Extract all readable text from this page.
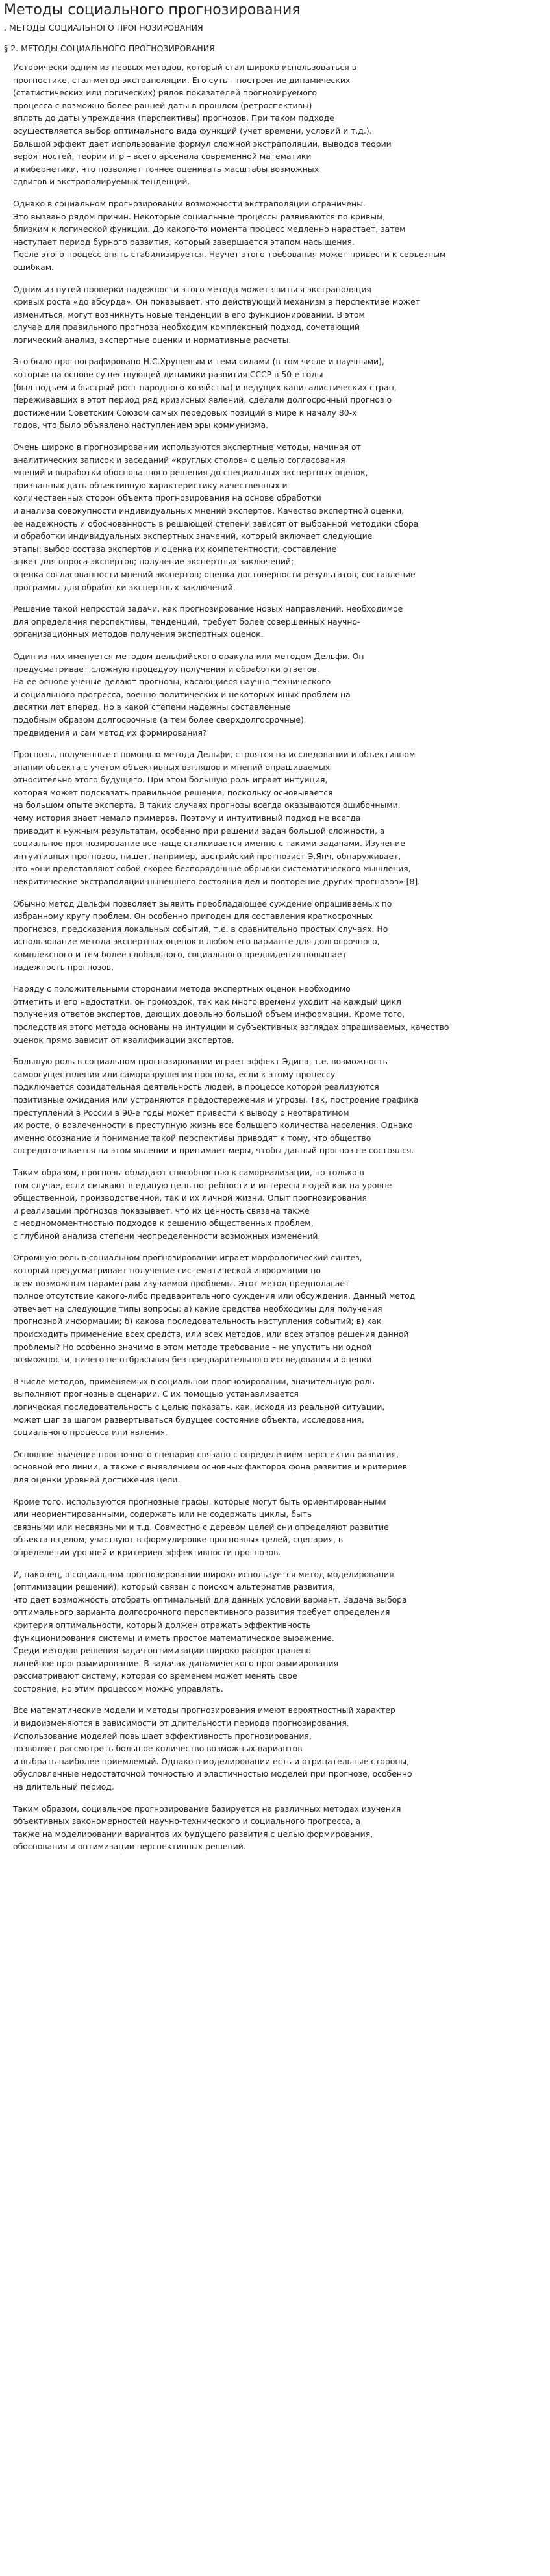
Методы социального прогнозирования
. МЕТОДЫ СОЦИАЛЬНОГО ПРОГНОЗИРОВАНИЯ
§ 2. МЕТОДЫ СОЦИАЛЬНОГО ПРОГНОЗИРОВАНИЯ

Историчеcки одним из первых методов, который стал широко использоваться в
прогностике, стал метод экстраполяции. Его суть – построение динамических
(статистических или логических) рядов показателей прогнозируемого
процесса с возможно более ранней даты в прошлом (ретроспективы)
вплоть до даты упреждения (перспективы) прогнозов. При таком подходе
осуществляется выбор оптимального вида функций (учет времени, условий и т.д.).
Большой эффект дает использование формул сложной экстраполяции, выводов теории
вероятностей, теории игр – всего арсенала современной математики
и кибернетики, что позволяет точнее оценивать масштабы возможных
сдвигов и экстраполируемых тенденций.

Однако в социальном прогнозировании возможности экстраполяции ограничены.
Это вызвано рядом причин. Некоторые социальные процессы развиваются по кривым,
близким к логической функции. До какого-то момента процесс медленно нарастает, затем
наступает период бурного развития, который завершается этапом насыщения.
После этого процесс опять стабилизируется. Неучет этого требования может привести к серьезным
ошибкам.

Одним из путей проверки надежности этого метода может явиться экстраполяция
кривых роста «до абсурда». Он показывает, что действующий механизм в перспективе может
измениться, могут возникнуть новые тенденции в его функционировании. В этом
случае для правильного прогноза необходим комплексный подход, сочетающий
логический анализ, экспертные оценки и нормативные расчеты.

Это было прогнографировано Н.С.Хрущевым и теми силами (в том числе и научными),
которые на основе существующей динамики развития СССР в 50-е годы
(был подъем и быстрый рост народного хозяйства) и ведущих капиталистических стран,
переживавших в этот период ряд кризисных явлений, сделали долгосрочный прогноз о
достижении Советским Союзом самых передовых позиций в мире к началу 80-х
годов, что было объявлено наступлением эры коммунизма.

Очень широко в прогнозировании используются экспертные методы, начиная от
аналитических записок и заседаний «круглых столов» с целью согласования
мнений и выработки обоснованного решения до специальных экспертных оценок,
призванных дать объективную характеристику качественных и
количественных сторон объекта прогнозирования на основе обработки
и анализа совокупности индивидуальных мнений экспертов. Качество экспертной оценки,
ее надежность и обоснованность в решающей степени зависят от выбранной методики сбора
и обработки индивидуальных экспертных значений, который включает следующие
этапы: выбор состава экспертов и оценка их компетентности; составление
анкет для опроса экспертов; получение экспертных заключений;
оценка согласованности мнений экспертов; оценка достоверности результатов; составление
программы для обработки экспертных заключений.

Решение такой непростой задачи, как прогнозирование новых направлений, необходимое
для определения перспективы, тенденций, требует более совершенных научно-
организационных методов получения экспертных оценок.

Один из них именуется методом дельфийского оракула или методом Дельфи. Он
предусматривает сложную процедуру получения и обработки ответов.
На ее основе ученые делают прогнозы, касающиеся научно-технического
и социального прогресса, военно-политических и некоторых иных проблем на
десятки лет вперед. Но в какой степени надежны составленные
подобным образом долгосрочные (а тем более сверхдолгосрочные)
предвидения и сам метод их формирования?

Прогнозы, полученные с помощью метода Дельфи, строятся на исследовании и объективном
знании объекта с учетом объективных взглядов и мнений опрашиваемых
относительно этого будущего. При этом большую роль играет интуиция,
которая может подсказать правильное решение, поскольку основывается
на большом опыте эксперта. В таких случаях прогнозы всегда оказываются ошибочными,
чему история знает немало примеров. Поэтому и интуитивный подход не всегда
приводит к нужным результатам, особенно при решении задач большой сложности, а
социальное прогнозирование все чаще сталкивается именно с такими задачами. Изучение
интуитивных прогнозов, пишет, например, австрийский прогнозист Э.Янч, обнаруживает,
что «они представляют собой скорее беспорядочные обрывки систематического мышления,
некритические экстраполяции нынешнего состояния дел и повторение других прогнозов» [8].

Обычно метод Дельфи позволяет выявить преобладающее суждение опрашиваемых по
избранному кругу проблем. Он особенно пригоден для составления краткосрочных
прогнозов, предсказания локальных событий, т.е. в сравнительно простых случаях. Но
использование метода экспертных оценок в любом его варианте для долгосрочного,
комплексного и тем более глобального, социального предвидения повышает
надежность прогнозов.

Наряду с положительными сторонами метода экспертных оценок необходимо
отметить и его недостатки: он громоздок, так как много времени уходит на каждый цикл
получения ответов экспертов, дающих довольно большой объем информации. Кроме того,
последствия этого метода основаны на интуиции и субъективных взглядах опрашиваемых, качество
оценок прямо зависит от квалификации экспертов.

Большую роль в социальном прогнозировании играет эффект Эдипа, т.е. возможность
самоосуществления или саморазрушения прогноза, если к этому процессу
подключается созидательная деятельность людей, в процессе которой реализуются
позитивные ожидания или устраняются предостережения и угрозы. Так, построение графика
преступлений в России в 90-е годы может привести к выводу о неотвратимом
их росте, о вовлеченности в преступную жизнь все большего количества населения. Однако
именно осознание и понимание такой перспективы приводят к тому, что общество
сосредоточивается на этом явлении и принимает меры, чтобы данный прогноз не состоялся.

Таким образом, прогнозы обладают способностью к самореализации, но только в
том случае, если смыкают в единую цепь потребности и интересы людей как на уровне
общественной, производственной, так и их личной жизни. Опыт прогнозирования
и реализации прогнозов показывает, что их ценность связана также
с неодномоментностью подходов к решению общественных проблем,
с глубиной анализа степени неопределенности возможных изменений.

Огромную роль в социальном прогнозировании играет морфологический синтез,
который предусматривает получение систематической информации по
всем возможным параметрам изучаемой проблемы. Этот метод предполагает
полное отсутствие какого-либо предварительного суждения или обсуждения. Данный метод
отвечает на следующие типы вопросы: а) какие средства необходимы для получения
прогнозной информации; б) какова последовательность наступления событий; в) как
происходить применение всех средств, или всех методов, или всех этапов решения данной
проблемы? Но особенно значимо в этом методе требование – не упустить ни одной
возможности, ничего не отбрасывая без предварительного исследования и оценки.

В числе методов, применяемых в социальном прогнозировании, значительную роль
выполняют прогнозные сценарии. С их помощью устанавливается
логическая последовательность с целью показать, как, исходя из реальной ситуации,
может шаг за шагом развертываться будущее состояние объекта, исследования,
социального процесса или явления.

Основное значение прогнозного сценария связано с определением перспектив развития,
основной его линии, а также с выявлением основных факторов фона развития и критериев
для оценки уровней достижения цели.

Кроме того, используются прогнозные графы, которые могут быть ориентированными
или неориентированными, содержать или не содержать циклы, быть
связными или несвязными и т.д. Совместно с деревом целей они определяют развитие
объекта в целом, участвуют в формулировке прогнозных целей, сценария, в
определении уровней и критериев эффективности прогнозов.

И, наконец, в социальном прогнозировании широко используется метод моделирования
(оптимизации решений), который связан с поиском альтернатив развития,
что дает возможность отобрать оптимальный для данных условий вариант. Задача выбора
оптимального варианта долгосрочного перспективного развития требует определения
критерия оптимальности, который должен отражать эффективность
функционирования системы и иметь простое математическое выражение.
Среди методов решения задач оптимизации широко распространено
линейное программирование. В задачах динамического программирования
рассматривают систему, которая со временем может менять свое
состояние, но этим процессом можно управлять.

Все математические модели и методы прогнозирования имеют вероятностный характер
и видоизменяются в зависимости от длительности периода прогнозирования.
Использование моделей повышает эффективность прогнозирования,
позволяет рассмотреть большое количество возможных вариантов
и выбрать наиболее приемлемый. Однако в моделировании есть и отрицательные стороны,
обусловленные недостаточной точностью и эластичностью моделей при прогнозе, особенно
на длительный период.

Таким образом, социальное прогнозирование базируется на различных методах изучения
объективных закономерностей научно-технического и социального прогресса, а
также на моделировании вариантов их будущего развития с целью формирования,
обоснования и оптимизации перспективных решений.
